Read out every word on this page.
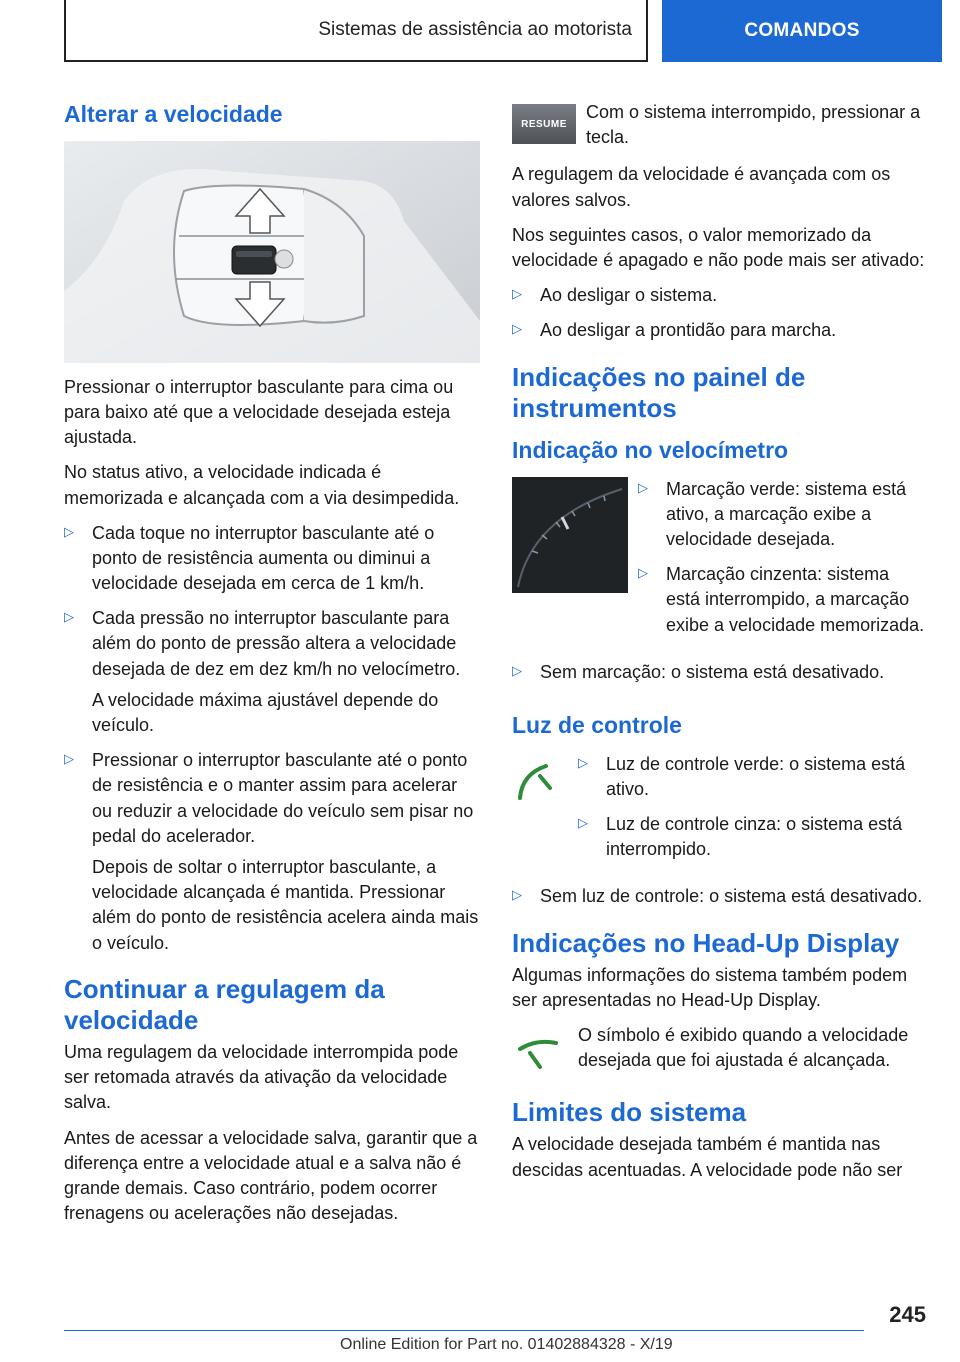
Sistemas de assistência ao motorista	COMANDOS
Alterar a velocidade

Pressionar o interruptor basculante para cima ou para baixo até que a velocidade desejada esteja ajustada.

No status ativo, a velocidade indicada é memorizada e alcançada com a via desimpedida.

▷ Cada toque no interruptor basculante até o ponto de resistência aumenta ou diminui a velocidade desejada em cerca de 1 km/h.
▷ Cada pressão no interruptor basculante para além do ponto de pressão altera a velocidade desejada de dez em dez km/h no velocímetro.

A velocidade máxima ajustável depende do veículo.

▷ Pressionar o interruptor basculante até o ponto de resistência e o manter assim para acelerar ou reduzir a velocidade do veículo sem pisar no pedal do acelerador.

Depois de soltar o interruptor basculante, a velocidade alcançada é mantida. Pressionar além do ponto de resistência acelera ainda mais o veículo.

Continuar a regulagem da velocidade

Uma regulagem da velocidade interrompida pode ser retomada através da ativação da velocidade salva.

Antes de acessar a velocidade salva, garantir que a diferença entre a velocidade atual e a salva não é grande demais. Caso contrário, podem ocorrer frenagens ou acelerações não desejadas.

RESUME
Com o sistema interrompido, pressionar a tecla.

A regulagem da velocidade é avançada com os valores salvos.

Nos seguintes casos, o valor memorizado da velocidade é apagado e não pode mais ser ativado:

▷ Ao desligar o sistema.
▷ Ao desligar a prontidão para marcha.
Indicações no painel de instrumentos
Indicação no velocímetro
▷ Marcação verde: sistema está ativo, a marcação exibe a velocidade desejada.
▷ Marcação cinzenta: sistema está interrompido, a marcação exibe a velocidade memorizada.
▷ Sem marcação: o sistema está desativado.
Luz de controle
▷ Luz de controle verde: o sistema está ativo.
▷ Luz de controle cinza: o sistema está interrompido.
▷ Sem luz de controle: o sistema está desativado.
Indicações no Head-Up Display

Algumas informações do sistema também podem ser apresentadas no Head-Up Display.

O símbolo é exibido quando a velocidade desejada que foi ajustada é alcançada.
Limites do sistema

A velocidade desejada também é mantida nas descidas acentuadas. A velocidade pode não ser

245
Online Edition for Part no. 01402884328 - X/19
